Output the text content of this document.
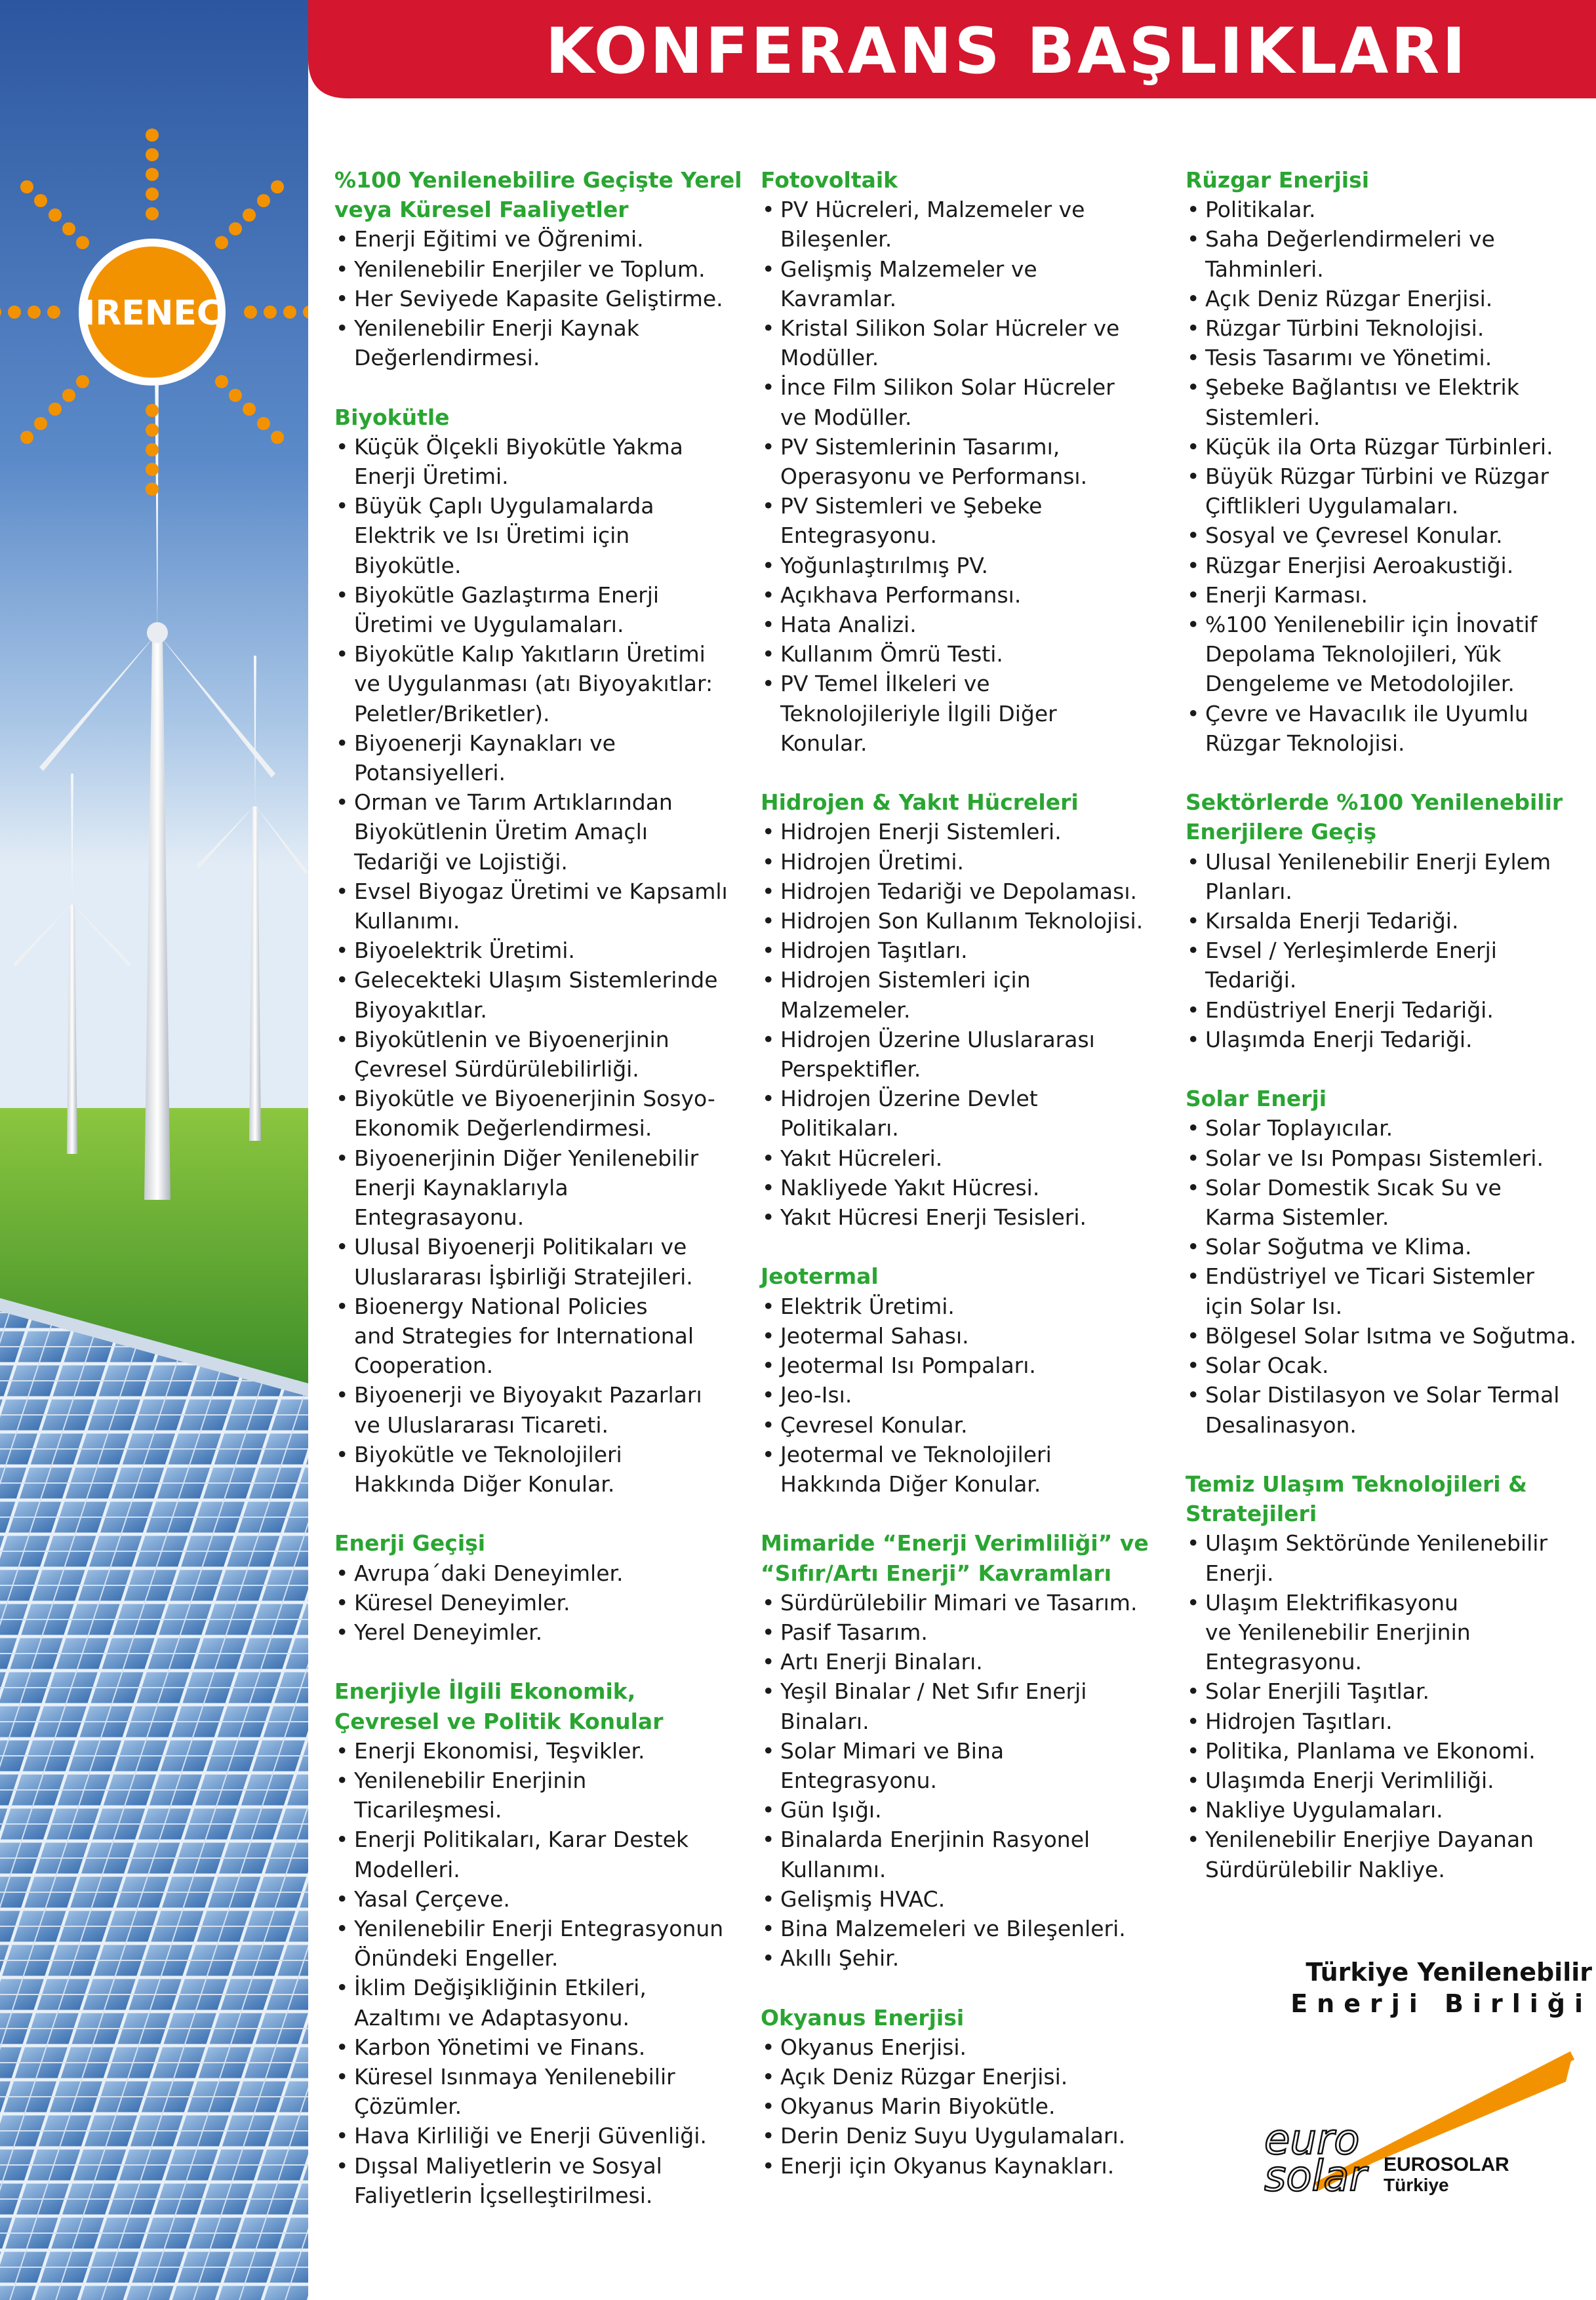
IRENEC
KONFERANS BAŞLIKLARI
%100 Yenilenebilire Geçişte Yerel
veya Küresel Faaliyetler
• Enerji Eğitimi ve Öğrenimi.
• Yenilenebilir Enerjiler ve Toplum.
• Her Seviyede Kapasite Geliştirme.
• Yenilenebilir Enerji Kaynak
Değerlendirmesi.
Biyokütle
• Küçük Ölçekli Biyokütle Yakma
Enerji Üretimi.
• Büyük Çaplı Uygulamalarda
Elektrik ve Isı Üretimi için
Biyokütle.
• Biyokütle Gazlaştırma Enerji
Üretimi ve Uygulamaları.
• Biyokütle Kalıp Yakıtların Üretimi
ve Uygulanması (atı Biyoyakıtlar:
Peletler/Briketler).
• Biyoenerji Kaynakları ve
Potansiyelleri.
• Orman ve Tarım Artıklarından
Biyokütlenin Üretim Amaçlı
Tedariği ve Lojistiği.
• Evsel Biyogaz Üretimi ve Kapsamlı
Kullanımı.
• Biyoelektrik Üretimi.
• Gelecekteki Ulaşım Sistemlerinde
Biyoyakıtlar.
• Biyokütlenin ve Biyoenerjinin
Çevresel Sürdürülebilirliği.
• Biyokütle ve Biyoenerjinin Sosyo-
Ekonomik Değerlendirmesi.
• Biyoenerjinin Diğer Yenilenebilir
Enerji Kaynaklarıyla
Entegrasayonu.
• Ulusal Biyoenerji Politikaları ve
Uluslararası İşbirliği Stratejileri.
• Bioenergy National Policies
and Strategies for International
Cooperation.
• Biyoenerji ve Biyoyakıt Pazarları
ve Uluslararası Ticareti.
• Biyokütle ve Teknolojileri
Hakkında Diğer Konular.
Enerji Geçişi
• Avrupa´daki Deneyimler.
• Küresel Deneyimler.
• Yerel Deneyimler.
Enerjiyle İlgili Ekonomik,
Çevresel ve Politik Konular
• Enerji Ekonomisi, Teşvikler.
• Yenilenebilir Enerjinin
Ticarileşmesi.
• Enerji Politikaları, Karar Destek
Modelleri.
• Yasal Çerçeve.
• Yenilenebilir Enerji Entegrasyonun
Önündeki Engeller.
• İklim Değişikliğinin Etkileri,
Azaltımı ve Adaptasyonu.
• Karbon Yönetimi ve Finans.
• Küresel Isınmaya Yenilenebilir
Çözümler.
• Hava Kirliliği ve Enerji Güvenliği.
• Dışsal Maliyetlerin ve Sosyal
Faliyetlerin İçselleştirilmesi.
Fotovoltaik
• PV Hücreleri, Malzemeler ve
Bileşenler.
• Gelişmiş Malzemeler ve
Kavramlar.
• Kristal Silikon Solar Hücreler ve
Modüller.
• İnce Film Silikon Solar Hücreler
ve Modüller.
• PV Sistemlerinin Tasarımı,
Operasyonu ve Performansı.
• PV Sistemleri ve Şebeke
Entegrasyonu.
• Yoğunlaştırılmış PV.
• Açıkhava Performansı.
• Hata Analizi.
• Kullanım Ömrü Testi.
• PV Temel İlkeleri ve
Teknolojileriyle İlgili Diğer
Konular.
Hidrojen & Yakıt Hücreleri
• Hidrojen Enerji Sistemleri.
• Hidrojen Üretimi.
• Hidrojen Tedariği ve Depolaması.
• Hidrojen Son Kullanım Teknolojisi.
• Hidrojen Taşıtları.
• Hidrojen Sistemleri için
Malzemeler.
• Hidrojen Üzerine Uluslararası
Perspektifler.
• Hidrojen Üzerine Devlet
Politikaları.
• Yakıt Hücreleri.
• Nakliyede Yakıt Hücresi.
• Yakıt Hücresi Enerji Tesisleri.
Jeotermal
• Elektrik Üretimi.
• Jeotermal Sahası.
• Jeotermal Isı Pompaları.
• Jeo-Isı.
• Çevresel Konular.
• Jeotermal ve Teknolojileri
Hakkında Diğer Konular.
Mimaride “Enerji Verimliliği” ve
“Sıfır/Artı Enerji” Kavramları
• Sürdürülebilir Mimari ve Tasarım.
• Pasif Tasarım.
• Artı Enerji Binaları.
• Yeşil Binalar / Net Sıfır Enerji
Binaları.
• Solar Mimari ve Bina
Entegrasyonu.
• Gün Işığı.
• Binalarda Enerjinin Rasyonel
Kullanımı.
• Gelişmiş HVAC.
• Bina Malzemeleri ve Bileşenleri.
• Akıllı Şehir.
Okyanus Enerjisi
• Okyanus Enerjisi.
• Açık Deniz Rüzgar Enerjisi.
• Okyanus Marin Biyokütle.
• Derin Deniz Suyu Uygulamaları.
• Enerji için Okyanus Kaynakları.
Rüzgar Enerjisi
• Politikalar.
• Saha Değerlendirmeleri ve
Tahminleri.
• Açık Deniz Rüzgar Enerjisi.
• Rüzgar Türbini Teknolojisi.
• Tesis Tasarımı ve Yönetimi.
• Şebeke Bağlantısı ve Elektrik
Sistemleri.
• Küçük ila Orta Rüzgar Türbinleri.
• Büyük Rüzgar Türbini ve Rüzgar
Çiftlikleri Uygulamaları.
• Sosyal ve Çevresel Konular.
• Rüzgar Enerjisi Aeroakustiği.
• Enerji Karması.
• %100 Yenilenebilir için İnovatif
Depolama Teknolojileri, Yük
Dengeleme ve Metodolojiler.
• Çevre ve Havacılık ile Uyumlu
Rüzgar Teknolojisi.
Sektörlerde %100 Yenilenebilir
Enerjilere Geçiş
• Ulusal Yenilenebilir Enerji Eylem
Planları.
• Kırsalda Enerji Tedariği.
• Evsel / Yerleşimlerde Enerji
Tedariği.
• Endüstriyel Enerji Tedariği.
• Ulaşımda Enerji Tedariği.
Solar Enerji
• Solar Toplayıcılar.
• Solar ve Isı Pompası Sistemleri.
• Solar Domestik Sıcak Su ve
Karma Sistemler.
• Solar Soğutma ve Klima.
• Endüstriyel ve Ticari Sistemler
için Solar Isı.
• Bölgesel Solar Isıtma ve Soğutma.
• Solar Ocak.
• Solar Distilasyon ve Solar Termal
Desalinasyon.
Temiz Ulaşım Teknolojileri &
Stratejileri
• Ulaşım Sektöründe Yenilenebilir
Enerji.
• Ulaşım Elektrifikasyonu
ve Yenilenebilir Enerjinin
Entegrasyonu.
• Solar Enerjili Taşıtlar.
• Hidrojen Taşıtları.
• Politika, Planlama ve Ekonomi.
• Ulaşımda Enerji Verimliliği.
• Nakliye Uygulamaları.
• Yenilenebilir Enerjiye Dayanan
Sürdürülebilir Nakliye.
Türkiye Yenilenebilir
Enerji Birliği
euro
solar EUROSOLAR
Türkiye
